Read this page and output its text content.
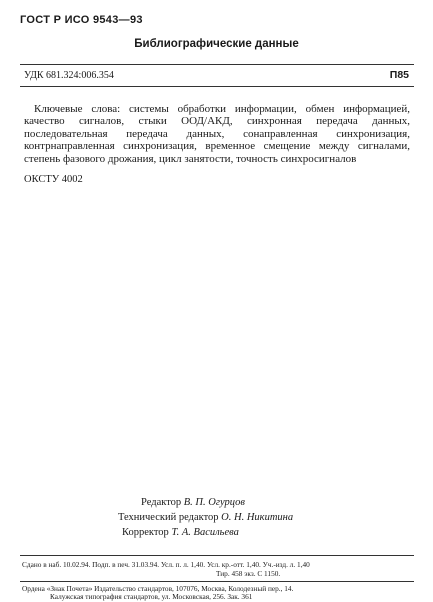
ГОСТ Р ИСО 9543—93
Библиографические данные
УДК 681.324:006.354	П85

Ключевые слова: системы обработки информации, обмен информацией, качество сигналов, стыки ООД/АКД, синхронная передача данных, последовательная передача данных, сонаправленная синхронизация, контрнаправленная синхронизация, временное смещение между сигналами, степень фазового дрожания, цикл занятости, точность синхросигналов

ОКСТУ 4002
Редактор В. П. Огурцов
Технический редактор О. Н. Никитина
Корректор Т. А. Васильева
Сдано в наб. 10.02.94. Подп. в печ. 31.03.94. Усл. п. л. 1,40. Усл. кр.-отт. 1,40. Уч.-изд. л. 1,40
Тир. 458 экз. С 1150.
Ордена «Знак Почета» Издательство стандартов, 107076, Москва, Колодезный пер., 14.
Калужская типография стандартов, ул. Московская, 256. Зак. 361
